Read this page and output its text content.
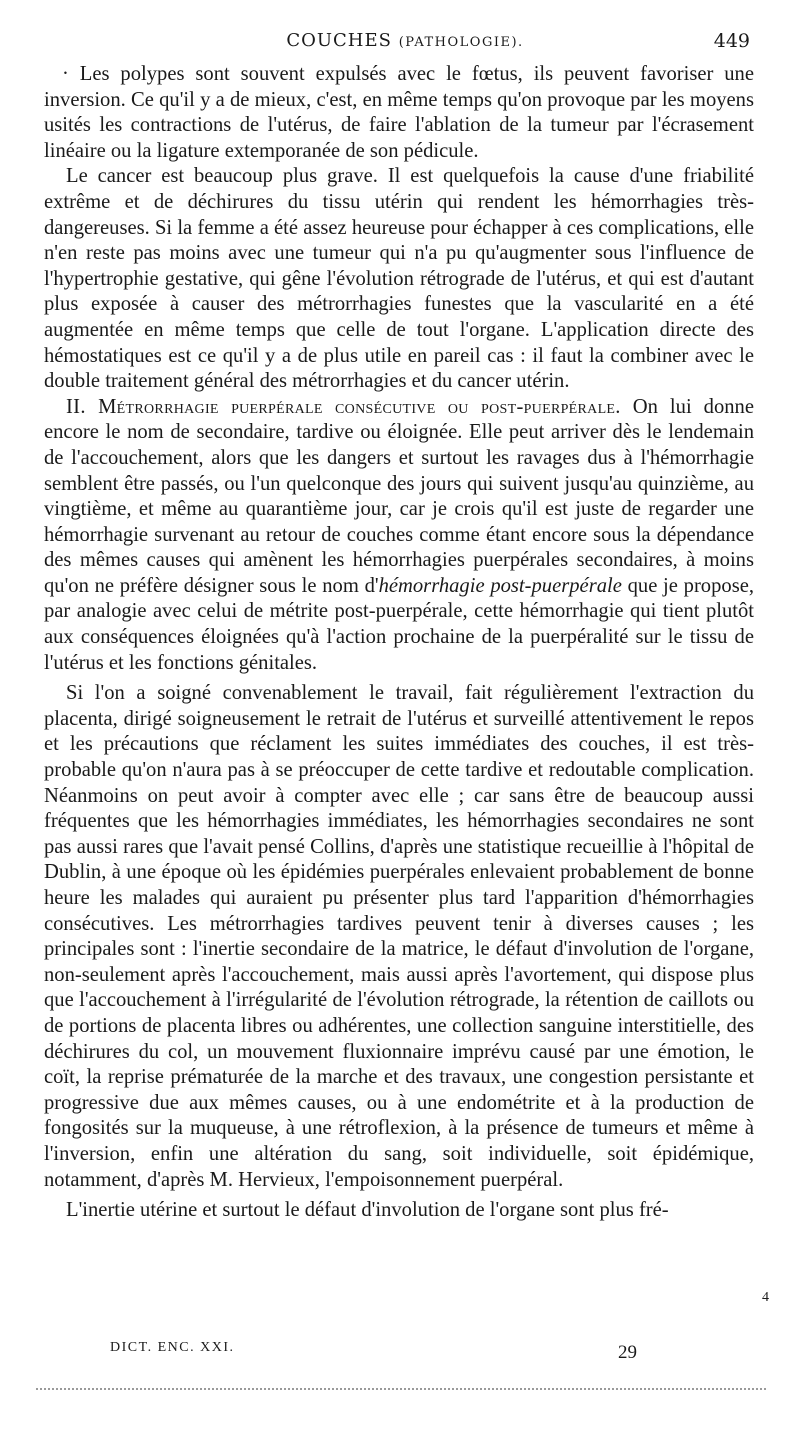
COUCHES (PATHOLOGIE).	449

· Les polypes sont souvent expulsés avec le fœtus, ils peuvent favoriser une inversion. Ce qu'il y a de mieux, c'est, en même temps qu'on provoque par les moyens usités les contractions de l'utérus, de faire l'ablation de la tumeur par l'écrasement linéaire ou la ligature extemporanée de son pédicule.

Le cancer est beaucoup plus grave. Il est quelquefois la cause d'une friabilité extrême et de déchirures du tissu utérin qui rendent les hémorrhagies très-dangereuses. Si la femme a été assez heureuse pour échapper à ces complications, elle n'en reste pas moins avec une tumeur qui n'a pu qu'augmenter sous l'influence de l'hypertrophie gestative, qui gêne l'évolution rétrograde de l'utérus, et qui est d'autant plus exposée à causer des métrorrhagies funestes que la vascularité en a été augmentée en même temps que celle de tout l'organe. L'application directe des hémostatiques est ce qu'il y a de plus utile en pareil cas : il faut la combiner avec le double traitement général des métrorrhagies et du cancer utérin.

II. Métrorrhagie puerpérale consécutive ou post-puerpérale. On lui donne encore le nom de secondaire, tardive ou éloignée. Elle peut arriver dès le lendemain de l'accouchement, alors que les dangers et surtout les ravages dus à l'hémorrhagie semblent être passés, ou l'un quelconque des jours qui suivent jusqu'au quinzième, au vingtième, et même au quarantième jour, car je crois qu'il est juste de regarder une hémorrhagie survenant au retour de couches comme étant encore sous la dépendance des mêmes causes qui amènent les hémorrhagies puerpérales secondaires, à moins qu'on ne préfère désigner sous le nom d'hémorrhagie post-puerpérale que je propose, par analogie avec celui de métrite post-puerpérale, cette hémorrhagie qui tient plutôt aux conséquences éloignées qu'à l'action prochaine de la puerpéralité sur le tissu de l'utérus et les fonctions génitales.

Si l'on a soigné convenablement le travail, fait régulièrement l'extraction du placenta, dirigé soigneusement le retrait de l'utérus et surveillé attentivement le repos et les précautions que réclament les suites immédiates des couches, il est très-probable qu'on n'aura pas à se préoccuper de cette tardive et redoutable complication. Néanmoins on peut avoir à compter avec elle ; car sans être de beaucoup aussi fréquentes que les hémorrhagies immédiates, les hémorrhagies secondaires ne sont pas aussi rares que l'avait pensé Collins, d'après une statistique recueillie à l'hôpital de Dublin, à une époque où les épidémies puerpérales enlevaient probablement de bonne heure les malades qui auraient pu présenter plus tard l'apparition d'hémorrhagies consécutives. Les métrorrhagies tardives peuvent tenir à diverses causes ; les principales sont : l'inertie secondaire de la matrice, le défaut d'involution de l'organe, non-seulement après l'accouchement, mais aussi après l'avortement, qui dispose plus que l'accouchement à l'irrégularité de l'évolution rétrograde, la rétention de caillots ou de portions de placenta libres ou adhérentes, une collection sanguine interstitielle, des déchirures du col, un mouvement fluxionnaire imprévu causé par une émotion, le coït, la reprise prématurée de la marche et des travaux, une congestion persistante et progressive due aux mêmes causes, ou à une endométrite et à la production de fongosités sur la muqueuse, à une rétroflexion, à la présence de tumeurs et même à l'inversion, enfin une altération du sang, soit individuelle, soit épidémique, notamment, d'après M. Hervieux, l'empoisonnement puerpéral.

L'inertie utérine et surtout le défaut d'involution de l'organe sont plus fré-

4
DICT. ENC. XXI.	29
